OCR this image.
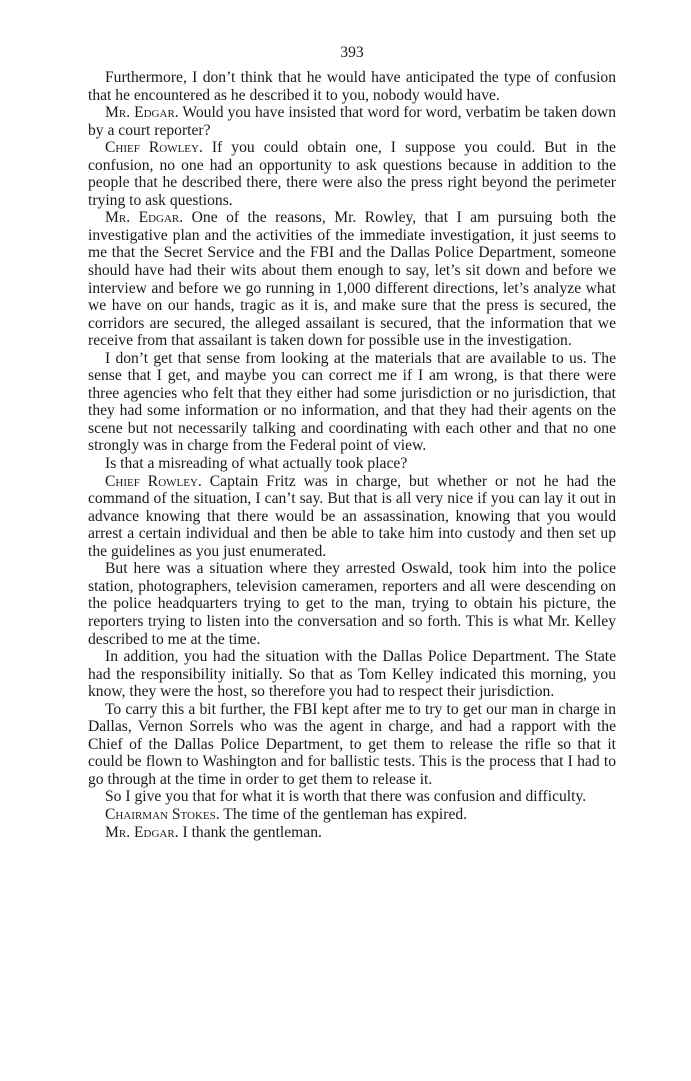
393

Furthermore, I don’t think that he would have anticipated the type of confusion that he encountered as he described it to you, nobody would have.

Mr. Edgar. Would you have insisted that word for word, verbatim be taken down by a court reporter?

Chief Rowley. If you could obtain one, I suppose you could. But in the confusion, no one had an opportunity to ask questions because in addition to the people that he described there, there were also the press right beyond the perimeter trying to ask questions.

Mr. Edgar. One of the reasons, Mr. Rowley, that I am pursuing both the investigative plan and the activities of the immediate investigation, it just seems to me that the Secret Service and the FBI and the Dallas Police Department, someone should have had their wits about them enough to say, let’s sit down and before we interview and before we go running in 1,000 different directions, let’s analyze what we have on our hands, tragic as it is, and make sure that the press is secured, the corridors are secured, the alleged assailant is secured, that the information that we receive from that assailant is taken down for possible use in the investigation.

I don’t get that sense from looking at the materials that are available to us. The sense that I get, and maybe you can correct me if I am wrong, is that there were three agencies who felt that they either had some jurisdiction or no jurisdiction, that they had some information or no information, and that they had their agents on the scene but not necessarily talking and coordinating with each other and that no one strongly was in charge from the Federal point of view.

Is that a misreading of what actually took place?

Chief Rowley. Captain Fritz was in charge, but whether or not he had the command of the situation, I can’t say. But that is all very nice if you can lay it out in advance knowing that there would be an assassination, knowing that you would arrest a certain individual and then be able to take him into custody and then set up the guidelines as you just enumerated.

But here was a situation where they arrested Oswald, took him into the police station, photographers, television cameramen, reporters and all were descending on the police headquarters trying to get to the man, trying to obtain his picture, the reporters trying to listen into the conversation and so forth. This is what Mr. Kelley described to me at the time.

In addition, you had the situation with the Dallas Police Department. The State had the responsibility initially. So that as Tom Kelley indicated this morning, you know, they were the host, so therefore you had to respect their jurisdiction.

To carry this a bit further, the FBI kept after me to try to get our man in charge in Dallas, Vernon Sorrels who was the agent in charge, and had a rapport with the Chief of the Dallas Police Department, to get them to release the rifle so that it could be flown to Washington and for ballistic tests. This is the process that I had to go through at the time in order to get them to release it.

So I give you that for what it is worth that there was confusion and difficulty.

Chairman Stokes. The time of the gentleman has expired.

Mr. Edgar. I thank the gentleman.
